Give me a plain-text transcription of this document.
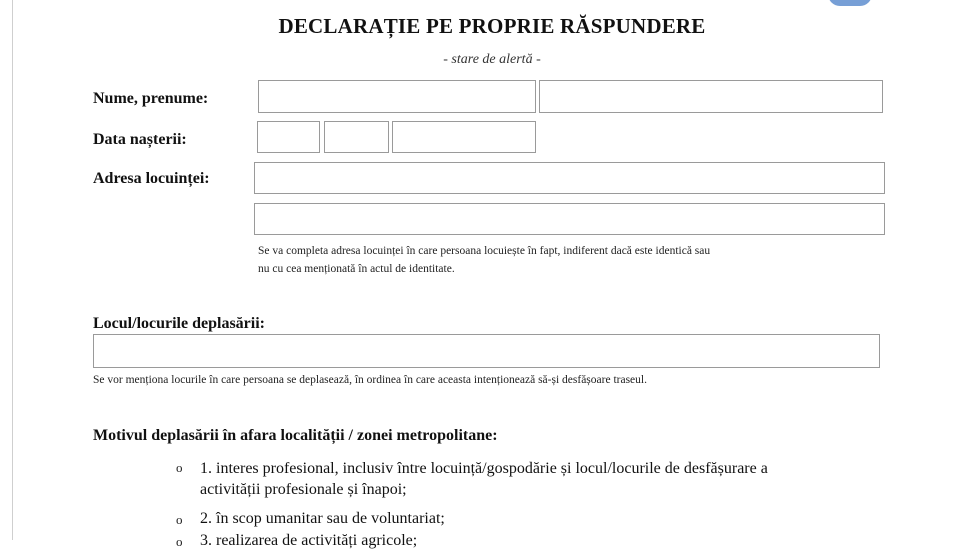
DECLARAȚIE PE PROPRIE RĂSPUNDERE
- stare de alertă -
Nume, prenume:
Data nașterii:
Adresa locuinței:
Se va completa adresa locuinței în care persoana locuiește în fapt, indiferent dacă este identică sau
nu cu cea menționată în actul de identitate.
Locul/locurile deplasării:
Se vor menționa locurile în care persoana se deplasează, în ordinea în care aceasta intenționează să-și desfășoare traseul.
Motivul deplasării în afara localității / zonei metropolitane:
o 1. interes profesional, inclusiv între locuință/gospodărie și locul/locurile de desfășurare a
activității profesionale și înapoi;
o 2. în scop umanitar sau de voluntariat;
o 3. realizarea de activități agricole;
